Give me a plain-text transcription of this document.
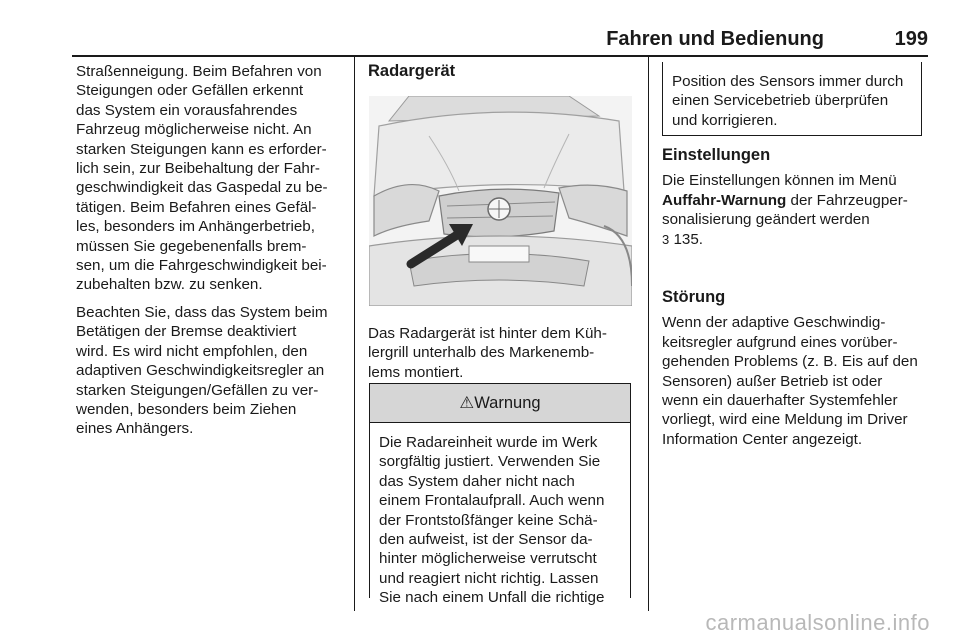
Fahren und Bedienung	199

Straßenneigung. Beim Befahren von
Steigungen oder Gefällen erkennt
das System ein vorausfahrendes
Fahrzeug möglicherweise nicht. An
starken Steigungen kann es erforder-
lich sein, zur Beibehaltung der Fahr-
geschwindigkeit das Gaspedal zu be-
tätigen. Beim Befahren eines Gefäl-
les, besonders im Anhängerbetrieb,
müssen Sie gegebenenfalls brem-
sen, um die Fahrgeschwindigkeit bei-
zubehalten bzw. zu senken.

Beachten Sie, dass das System beim
Betätigen der Bremse deaktiviert
wird. Es wird nicht empfohlen, den
adaptiven Geschwindigkeitsregler an
starken Steigungen/Gefällen zu ver-
wenden, besonders beim Ziehen
eines Anhängers.

Radargerät
Das Radargerät ist hinter dem Küh-
lergrill unterhalb des Markenemb-
lems montiert.
⚠Warnung
Die Radareinheit wurde im Werk
sorgfältig justiert. Verwenden Sie
das System daher nicht nach
einem Frontalaufprall. Auch wenn
der Frontstoßfänger keine Schä-
den aufweist, ist der Sensor da-
hinter möglicherweise verrutscht
und reagiert nicht richtig. Lassen
Sie nach einem Unfall die richtige
Position des Sensors immer durch
einen Servicebetrieb überprüfen
und korrigieren.
Einstellungen
Die Einstellungen können im Menü
Auffahr-Warnung der Fahrzeugper-
sonalisierung geändert werden
3 135.
Störung
Wenn der adaptive Geschwindig-
keitsregler aufgrund eines vorüber-
gehenden Problems (z. B. Eis auf den
Sensoren) außer Betrieb ist oder
wenn ein dauerhafter Systemfehler
vorliegt, wird eine Meldung im Driver
Information Center angezeigt.
carmanualsonline.info
